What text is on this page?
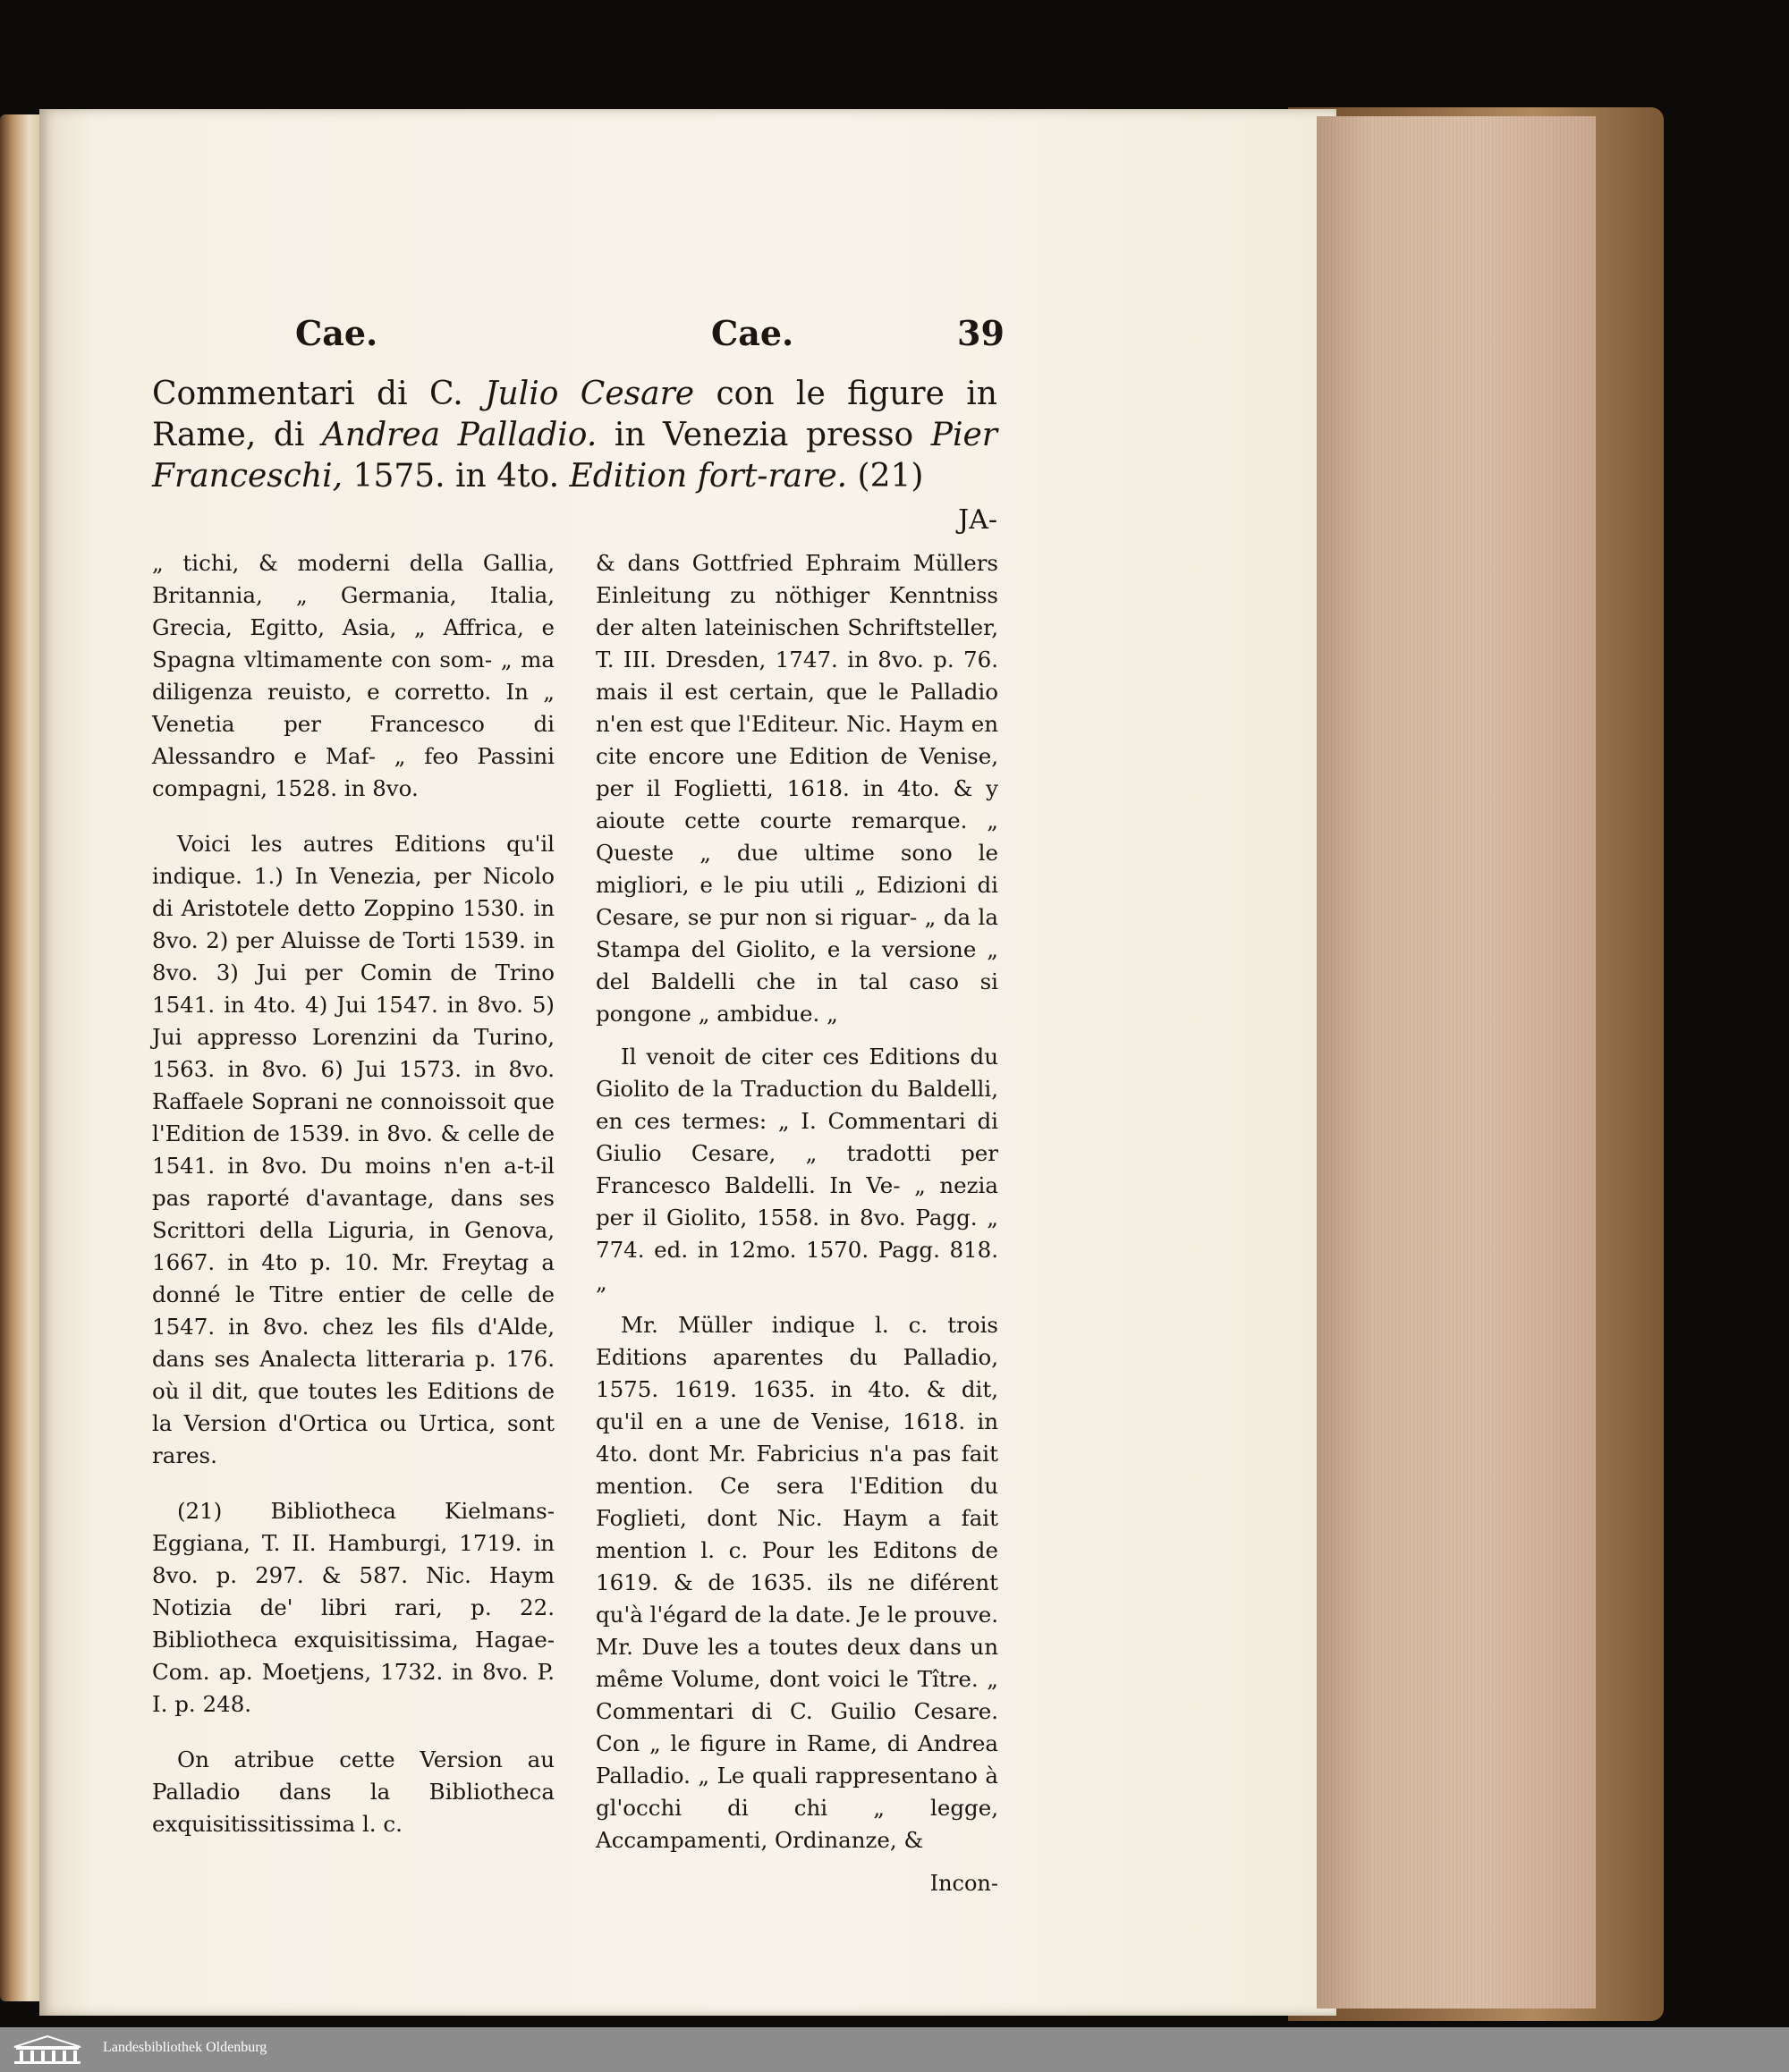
Cae.	Cae.	39
Commentari di C. Julio Cesare con le figure in Rame, di Andrea Palladio. in Venezia presso Pier Franceschi, 1575. in 4to. Edition fort-rare. (21)
JA-

„ tichi, & moderni della Gallia, Britannia, „ Germania, Italia, Grecia, Egitto, Asia, „ Affrica, e Spagna vltimamente con som- „ ma diligenza reuisto, e corretto. In „ Venetia per Francesco di Alessandro e Maf- „ feo Passini compagni, 1528. in 8vo.

Voici les autres Editions qu'il indique. 1.) In Venezia, per Nicolo di Aristotele detto Zoppino 1530. in 8vo. 2) per Aluisse de Torti 1539. in 8vo. 3) Jui per Comin de Trino 1541. in 4to. 4) Jui 1547. in 8vo. 5) Jui appresso Lorenzini da Turino, 1563. in 8vo. 6) Jui 1573. in 8vo. Raffaele Soprani ne connoissoit que l'Edition de 1539. in 8vo. & celle de 1541. in 8vo. Du moins n'en a-t-il pas raporté d'avantage, dans ses Scrittori della Liguria, in Genova, 1667. in 4to p. 10. Mr. Freytag a donné le Titre entier de celle de 1547. in 8vo. chez les fils d'Alde, dans ses Analecta litteraria p. 176. où il dit, que toutes les Editions de la Version d'Ortica ou Urtica, sont rares.

(21) Bibliotheca Kielmans-Eggiana, T. II. Hamburgi, 1719. in 8vo. p. 297. & 587. Nic. Haym Notizia de' libri rari, p. 22. Bibliotheca exquisitissima, Hagae-Com. ap. Moetjens, 1732. in 8vo. P. I. p. 248.

On atribue cette Version au Palladio dans la Bibliotheca exquisitissitissima l. c.

& dans Gottfried Ephraim Müllers Einleitung zu nöthiger Kenntniss der alten lateinischen Schriftsteller, T. III. Dresden, 1747. in 8vo. p. 76. mais il est certain, que le Palladio n'en est que l'Editeur. Nic. Haym en cite encore une Edition de Venise, per il Foglietti, 1618. in 4to. & y aioute cette courte remarque. „ Queste „ due ultime sono le migliori, e le piu utili „ Edizioni di Cesare, se pur non si riguar- „ da la Stampa del Giolito, e la versione „ del Baldelli che in tal caso si pongone „ ambidue. „

Il venoit de citer ces Editions du Giolito de la Traduction du Baldelli, en ces termes: „ I. Commentari di Giulio Cesare, „ tradotti per Francesco Baldelli. In Ve- „ nezia per il Giolito, 1558. in 8vo. Pagg. „ 774. ed. in 12mo. 1570. Pagg. 818. „

Mr. Müller indique l. c. trois Editions aparentes du Palladio, 1575. 1619. 1635. in 4to. & dit, qu'il en a une de Venise, 1618. in 4to. dont Mr. Fabricius n'a pas fait mention. Ce sera l'Edition du Foglieti, dont Nic. Haym a fait mention l. c. Pour les Editons de 1619. & de 1635. ils ne diférent qu'à l'égard de la date. Je le prouve. Mr. Duve les a toutes deux dans un même Volume, dont voici le Tître. „ Commentari di C. Guilio Cesare. Con „ le figure in Rame, di Andrea Palladio. „ Le quali rappresentano à gl'occhi di chi „ legge, Accampamenti, Ordinanze, &

Incon-
Landesbibliothek Oldenburg
